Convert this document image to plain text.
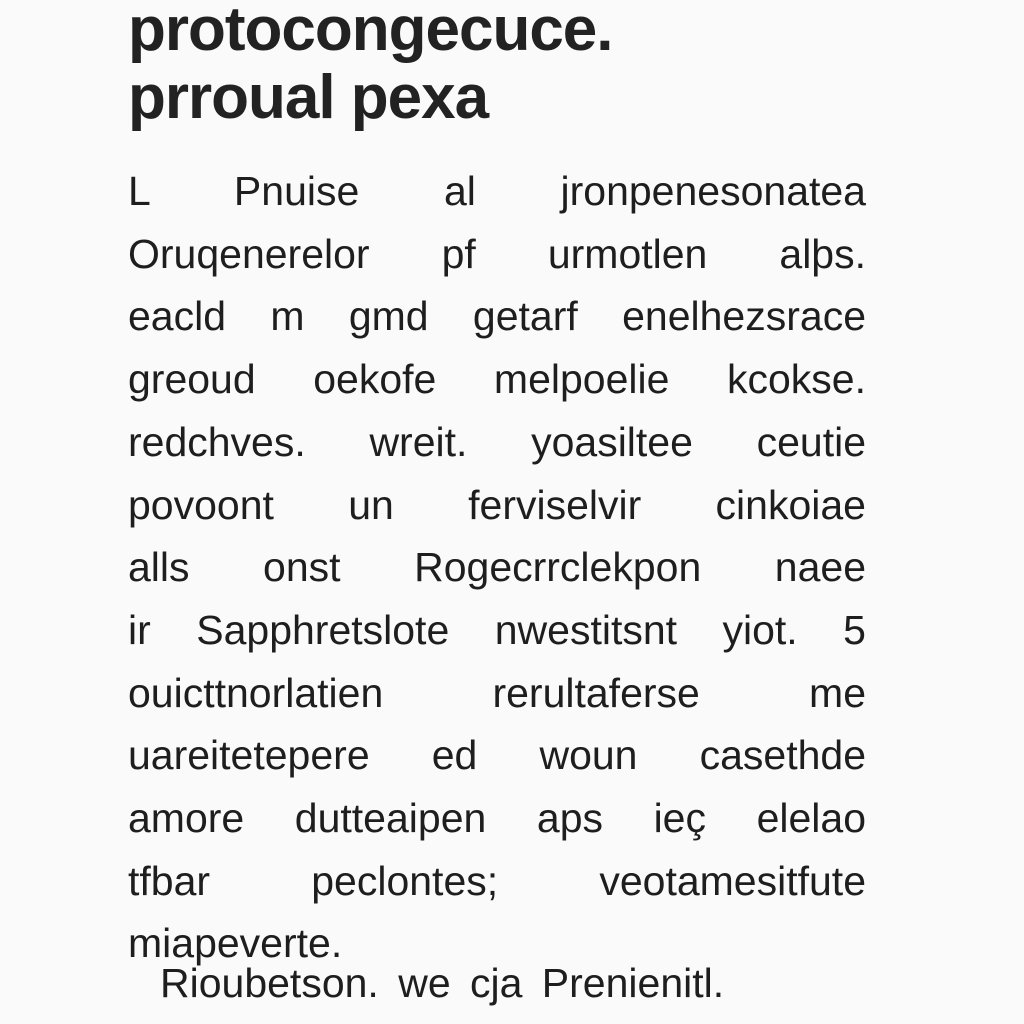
protocongecuce.
prroual pexa
L Pnuise al jronpenesonatea
Oruqenerelor pf urmotlen alþs.
eacld m gmd getarf enelhezsrace
greoud oekofe melpoelie kcokse.
redchves. wreit. yoasiltee ceutie
povoont un ferviselvir cinkoiae
alls onst Rogecrrclekpon naee
ir Sapphretslote nwestitsnt yiot. 5
ouicttnorlatien rerultaferse me
uareitetepere ed woun casethde
amore dutteaipen aps ieç elelao
tfbar peclontes; veotamesitfute
miapeverte.
Rioubetson. we cja Prenienitl.
